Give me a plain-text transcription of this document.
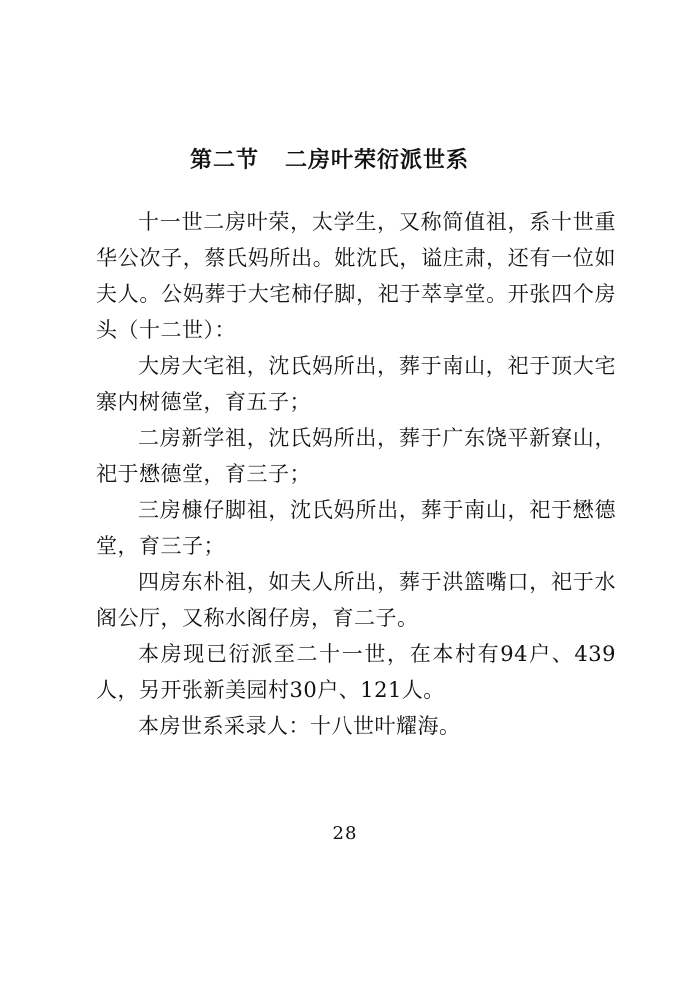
第二节   二房叶荣衍派世系

十一世二房叶荣，太学生，又称简值祖，系十世重华公次子，蔡氏妈所出。妣沈氏，谥庄肃，还有一位如夫人。公妈葬于大宅柿仔脚，祀于萃享堂。开张四个房头（十二世）：

大房大宅祖，沈氏妈所出，葬于南山，祀于顶大宅寨内树德堂，育五子；

二房新学祖，沈氏妈所出，葬于广东饶平新寮山，祀于懋德堂，育三子；

三房槺仔脚祖，沈氏妈所出，葬于南山，祀于懋德堂，育三子；

四房东朴祖，如夫人所出，葬于洪篮嘴口，祀于水阁公厅，又称水阁仔房，育二子。

本房现已衍派至二十一世，在本村有94户、439人，另开张新美园村30户、121人。

本房世系采录人：十八世叶耀海。

28
